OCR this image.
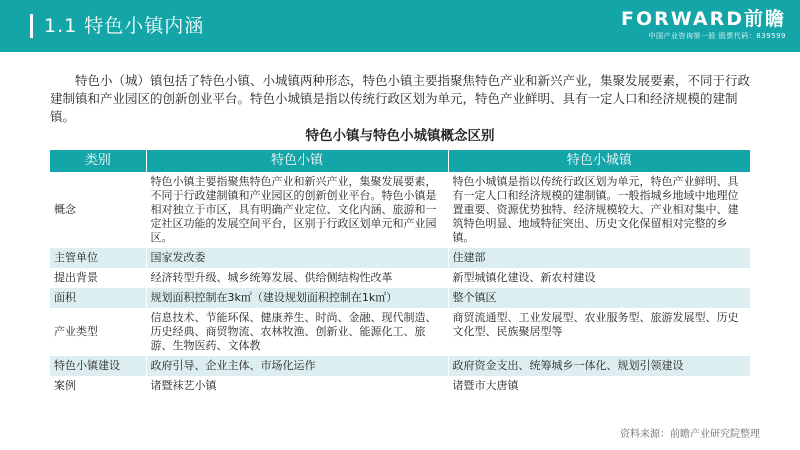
1.1 特色小镇内涵	FORWARD前瞻
中国产业咨询第一股 股票代码：839599
特色小（城）镇包括了特色小镇、小城镇两种形态，特色小镇主要指聚焦特色产业和新兴产业，集聚发展要素，不同于行政建制镇和产业园区的创新创业平台。特色小城镇是指以传统行政区划为单元，特色产业鲜明、具有一定人口和经济规模的建制镇。
特色小镇与特色小城镇概念区别
类别	特色小镇	特色小城镇
概念	特色小镇主要指聚焦特色产业和新兴产业，集聚发展要素，不同于行政建制镇和产业园区的创新创业平台。特色小镇是相对独立于市区，具有明确产业定位、文化内涵、旅游和一定社区功能的发展空间平台，区别于行政区划单元和产业园区。	特色小城镇是指以传统行政区划为单元，特色产业鲜明、具有一定人口和经济规模的建制镇。一般指城乡地域中地理位置重要、资源优势独特、经济规模较大、产业相对集中、建筑特色明显、地域特征突出、历史文化保留相对完整的乡镇。
主管单位	国家发改委	住建部
提出背景	经济转型升级、城乡统筹发展、供给侧结构性改革	新型城镇化建设、新农村建设
面积	规划面积控制在3k㎡（建设规划面积控制在1k㎡）	整个镇区
产业类型	信息技术、节能环保、健康养生、时尚、金融、现代制造、历史经典、商贸物流、农林牧渔、创新业、能源化工、旅游、生物医药、文体教	商贸流通型、工业发展型、农业服务型、旅游发展型、历史文化型、民族聚居型等
特色小镇建设	政府引导、企业主体、市场化运作	政府资金支出、统筹城乡一体化、规划引领建设
案例	诸暨袜艺小镇	诸暨市大唐镇
资料来源：前瞻产业研究院整理
